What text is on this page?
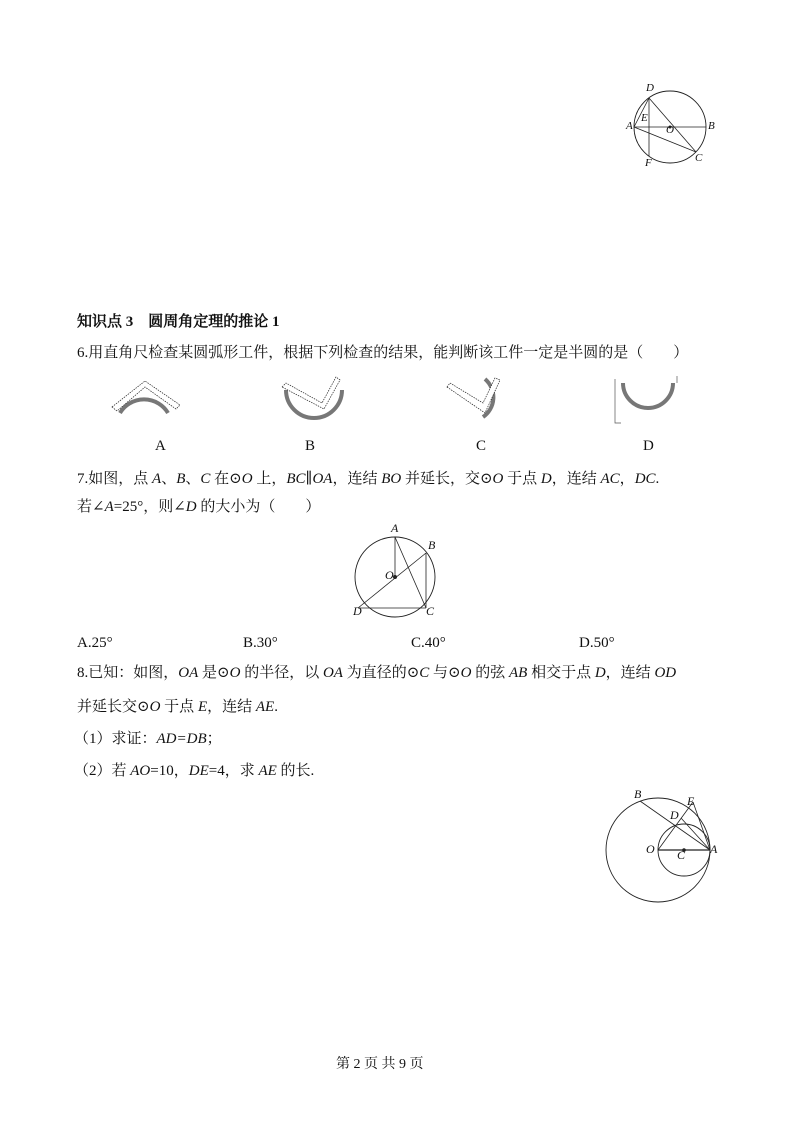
D
E
A	O	B
F	C
知识点 3　圆周角定理的推论 1
6.用直角尺检查某圆弧形工件，根据下列检查的结果，能判断该工件一定是半圆的是（　　）
A	B	C	D
7.如图，点 A、B、C 在⊙O 上，BC∥OA，连结 BO 并延长，交⊙O 于点 D，连结 AC，DC.
若∠A=25°，则∠D 的大小为（　　）
A
B
O
D	C
A.25°	B.30°	C.40°	D.50°
8.已知：如图，OA 是⊙O 的半径，以 OA 为直径的⊙C 与⊙O 的弦 AB 相交于点 D，连结 OD
并延长交⊙O 于点 E，连结 AE.
（1）求证：AD=DB；
（2）若 AO=10，DE=4，求 AE 的长.
B	E
D
O C A
第 2 页 共 9 页
